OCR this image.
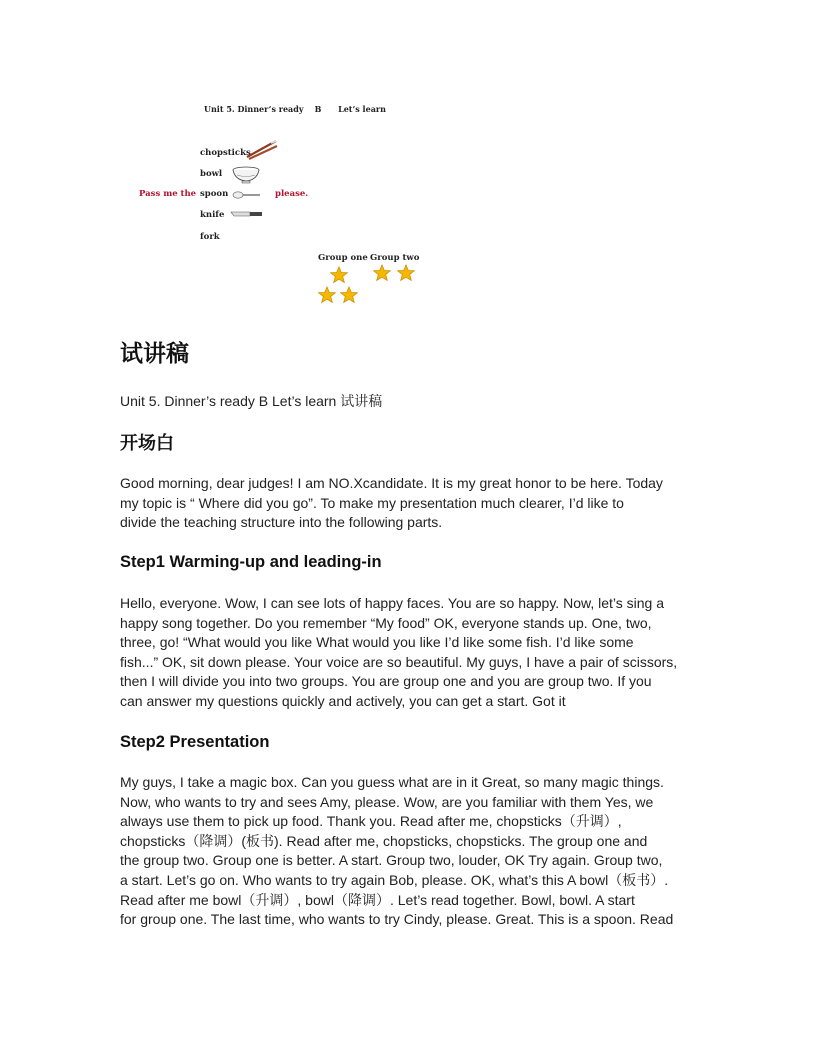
Unit 5. Dinner’s ready    B      Let’s learn
chopsticks
bowl
spoon
knife
fork
Pass me the	please.
Group one Group two
试讲稿
Unit 5. Dinner’s ready B Let’s learn 试讲稿
开场白
Good morning, dear judges! I am NO.Xcandidate. It is my great honor to be here. Today
my topic is “ Where did you go”. To make my presentation much clearer, I’d like to
divide the teaching structure into the following parts.
Step1 Warming-up and leading-in
Hello, everyone. Wow, I can see lots of happy faces. You are so happy. Now, let’s sing a
happy song together. Do you remember “My food” OK, everyone stands up. One, two,
three, go! “What would you like What would you like I’d like some fish. I’d like some
fish...” OK, sit down please. Your voice are so beautiful. My guys, I have a pair of scissors,
then I will divide you into two groups. You are group one and you are group two. If you
can answer my questions quickly and actively, you can get a start. Got it
Step2 Presentation
My guys, I take a magic box. Can you guess what are in it Great, so many magic things.
Now, who wants to try and sees Amy, please. Wow, are you familiar with them Yes, we
always use them to pick up food. Thank you. Read after me, chopsticks（升调）,
chopsticks（降调）(板书). Read after me, chopsticks, chopsticks. The group one and
the group two. Group one is better. A start. Group two, louder, OK Try again. Group two,
a start. Let’s go on. Who wants to try again Bob, please. OK, what’s this A bowl（板书）.
Read after me bowl（升调）, bowl（降调）. Let’s read together. Bowl, bowl. A start
for group one. The last time, who wants to try Cindy, please. Great. This is a spoon. Read
